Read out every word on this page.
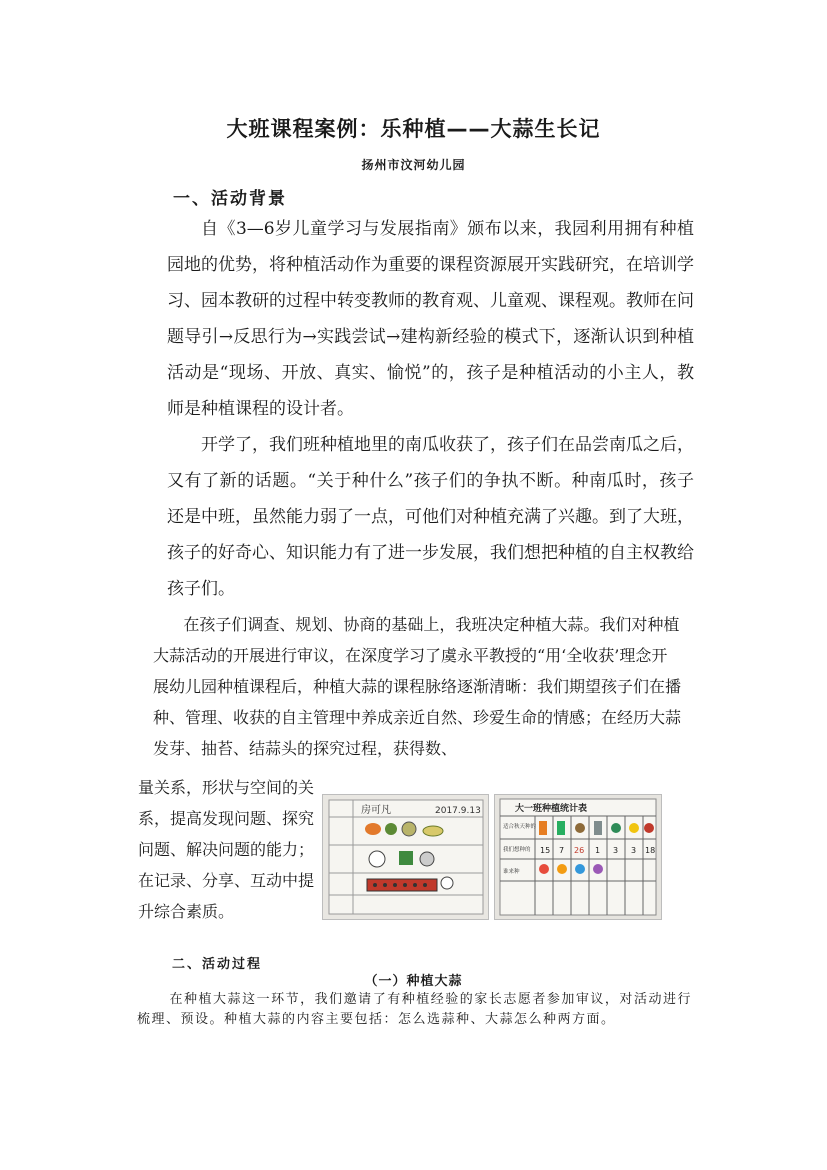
大班课程案例：乐种植——大蒜生长记
扬州市汶河幼儿园
一、活动背景
自《3—6岁儿童学习与发展指南》颁布以来，我园利用拥有种植园地的优势，将种植活动作为重要的课程资源展开实践研究，在培训学习、园本教研的过程中转变教师的教育观、儿童观、课程观。教师在问题导引→反思行为→实践尝试→建构新经验的模式下，逐渐认识到种植活动是“现场、开放、真实、愉悦”的，孩子是种植活动的小主人，教师是种植课程的设计者。
开学了，我们班种植地里的南瓜收获了，孩子们在品尝南瓜之后，又有了新的话题。“关于种什么”孩子们的争执不断。种南瓜时，孩子还是中班，虽然能力弱了一点，可他们对种植充满了兴趣。到了大班，孩子的好奇心、知识能力有了进一步发展，我们想把种植的自主权教给孩子们。
在孩子们调查、规划、协商的基础上，我班决定种植大蒜。我们对种植大蒜活动的开展进行审议，在深度学习了虞永平教授的“用‘全收获’理念开展幼儿园种植课程后，种植大蒜的课程脉络逐渐清晰：我们期望孩子们在播种、管理、收获的自主管理中养成亲近自然、珍爱生命的情感；在经历大蒜发芽、抽苔、结蒜头的探究过程，获得数、
量关系，形状与空间的关系，提高发现问题、探究问题、解决问题的能力；在记录、分享、互动中提升综合素质。
房可凡	2017.9.13	大一班种植统计表
适合秋天种的
我们想种的
谁来种
15 7 26 1 3 3 18
二、活动过程
（一）种植大蒜
在种植大蒜这一环节，我们邀请了有种植经验的家长志愿者参加审议，对活动进行梳理、预设。种植大蒜的内容主要包括：怎么选蒜种、大蒜怎么种两方面。
